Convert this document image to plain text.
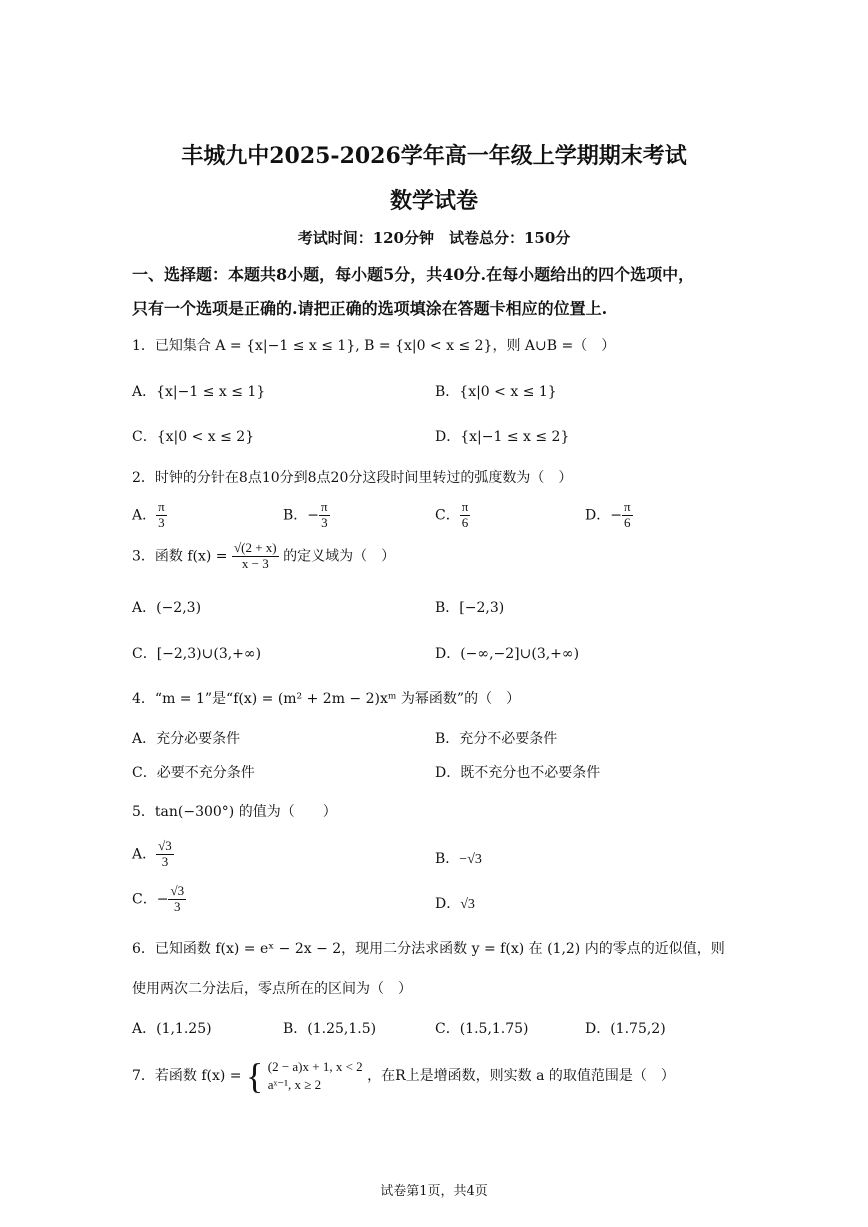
丰城九中2025-2026学年高一年级上学期期末考试
数学试卷
考试时间：120分钟　试卷总分：150分
一、选择题：本题共8小题，每小题5分，共40分.在每小题给出的四个选项中，
只有一个选项是正确的.请把正确的选项填涂在答题卡相应的位置上.
1．已知集合 A = {x|−1 ≤ x ≤ 1}, B = {x|0 < x ≤ 2}，则 A∪B =（　）
A．{x|−1 ≤ x ≤ 1}	B．{x|0 < x ≤ 1}
C．{x|0 < x ≤ 2}	D．{x|−1 ≤ x ≤ 2}
2．时钟的分针在8点10分到8点20分这段时间里转过的弧度数为（　）
A． $\frac{\pi}{3}$	B．− $\frac{\pi}{3}$	C． $\frac{\pi}{6}$	D．− $\frac{\pi}{6}$
3．函数 $f(x) = \frac{√(2 + x)}{x - 3}$ 的定义域为（　）
A．(−2,3)	B．[−2,3)
C．[−2,3)∪(3,+∞)	D．(−∞,−2]∪(3,+∞)
4．“m = 1”是“f(x) = (m² + 2m − 2)xᵐ 为幂函数”的（　）
A．充分必要条件	B．充分不必要条件
C．必要不充分条件	D．既不充分也不必要条件
5．tan(−300°) 的值为（　　）
A． $\frac{√3}{3}$	B．−√3
C．− $\frac{√3}{3}$	D．√3
6．已知函数 f(x) = eˣ − 2x − 2，现用二分法求函数 y = f(x) 在 (1,2) 内的零点的近似值，则
使用两次二分法后，零点所在的区间为（　）
A．(1,1.25)	B．(1.25,1.5)	C．(1.5,1.75)	D．(1.75,2)
7．若函数 f(x) = { (2 − a)x + 1, x < 2
aˣ⁻¹, x ≥ 2
，在R上是增函数，则实数 a 的取值范围是（　）
试卷第1页，共4页
